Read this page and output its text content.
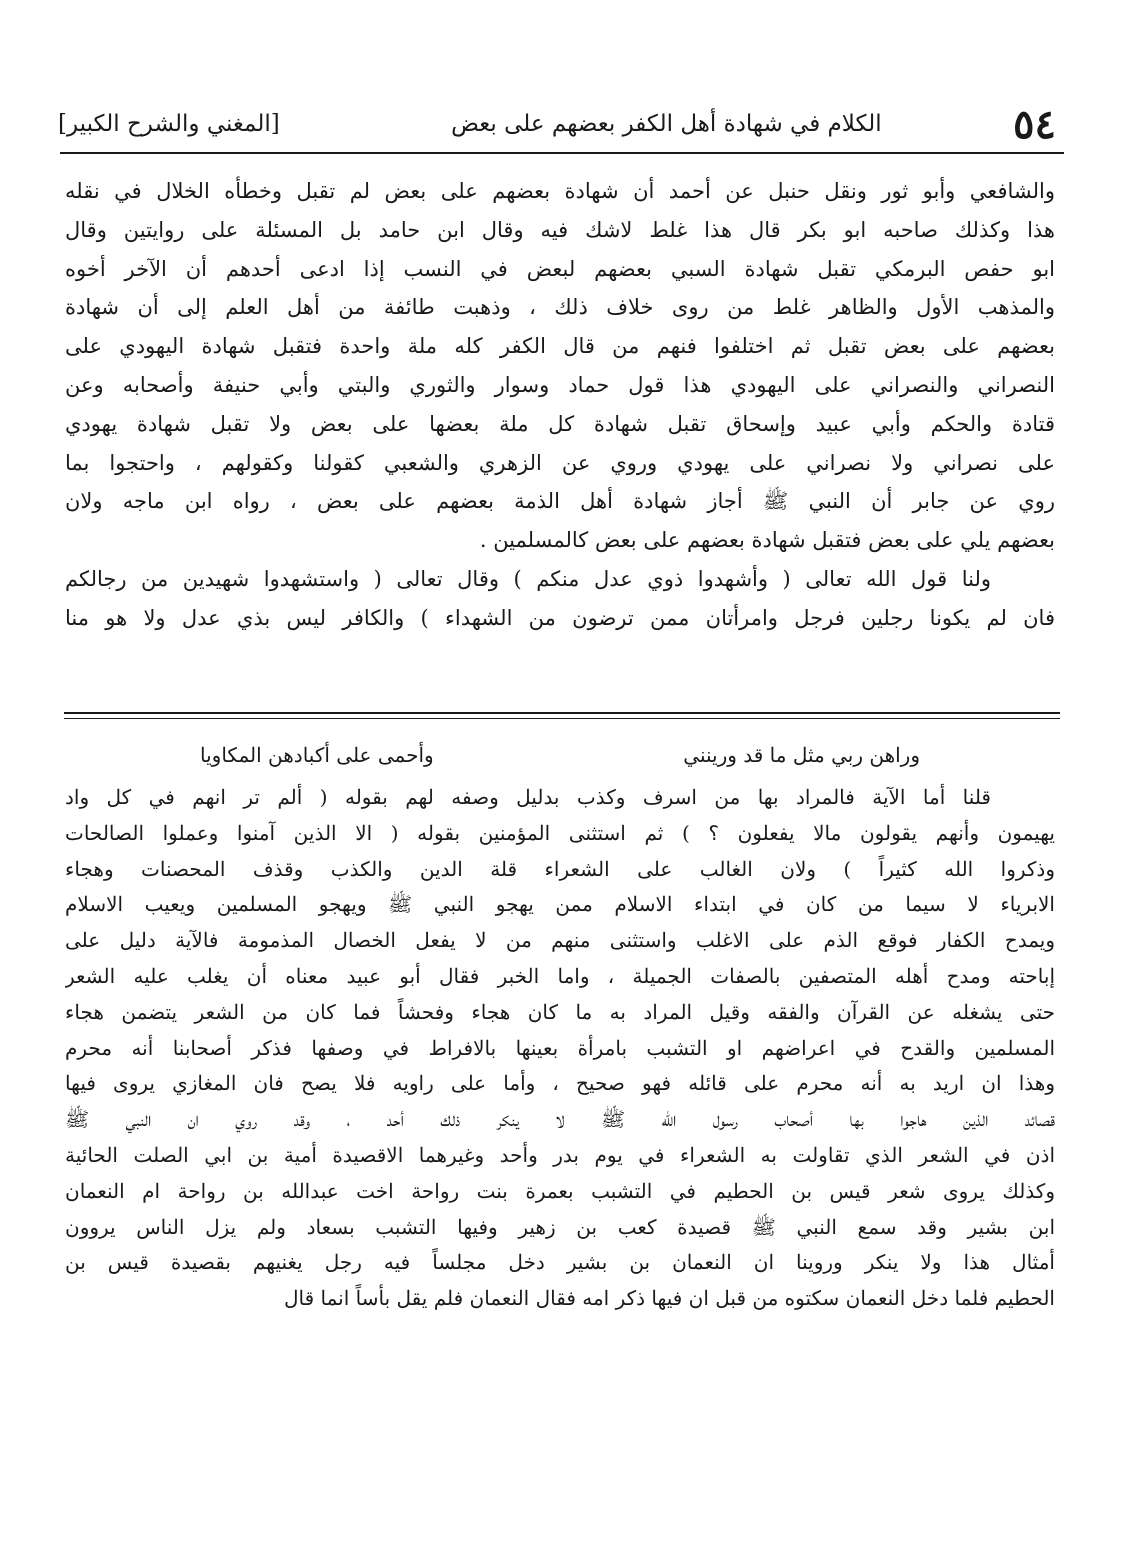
٥٤
الكلام في شهادة أهل الكفر بعضهم على بعض
[المغني والشرح الكبير]
والشافعي وأبو ثور ونقل حنبل عن أحمد أن شهادة بعضهم على بعض لم تقبل وخطأه الخلال في نقله
هذا وكذلك صاحبه ابو بكر قال هذا غلط لاشك فيه وقال ابن حامد بل المسئلة على روايتين وقال
ابو حفص البرمكي تقبل شهادة السبي بعضهم لبعض في النسب إذا ادعى أحدهم أن الآخر أخوه
والمذهب الأول والظاهر غلط من روى خلاف ذلك ، وذهبت طائفة من أهل العلم إلى أن شهادة
بعضهم على بعض تقبل ثم اختلفوا فنهم من قال الكفر كله ملة واحدة فتقبل شهادة اليهودي على
النصراني والنصراني على اليهودي هذا قول حماد وسوار والثوري والبتي وأبي حنيفة وأصحابه وعن
قتادة والحكم وأبي عبيد وإسحاق تقبل شهادة كل ملة بعضها على بعض ولا تقبل شهادة يهودي
على نصراني ولا نصراني على يهودي وروي عن الزهري والشعبي كقولنا وكقولهم ، واحتجوا بما
روي عن جابر أن النبي ﷺ أجاز شهادة أهل الذمة بعضهم على بعض ، رواه ابن ماجه ولان
بعضهم يلي على بعض فتقبل شهادة بعضهم على بعض كالمسلمين .
ولنا قول الله تعالى ( وأشهدوا ذوي عدل منكم ) وقال تعالى ( واستشهدوا شهيدين من رجالكم
فان لم يكونا رجلين فرجل وامرأتان ممن ترضون من الشهداء ) والكافر ليس بذي عدل ولا هو منا
وراهن ربي مثل ما قد ورينني
وأحمى على أكبادهن المكاويا
قلنا أما الآية فالمراد بها من اسرف وكذب بدليل وصفه لهم بقوله ( ألم تر انهم في كل واد
يهيمون وأنهم يقولون مالا يفعلون ؟ ) ثم استثنى المؤمنين بقوله ( الا الذين آمنوا وعملوا الصالحات
وذكروا الله كثيراً ) ولان الغالب على الشعراء قلة الدين والكذب وقذف المحصنات وهجاء
الابرياء لا سيما من كان في ابتداء الاسلام ممن يهجو النبي ﷺ ويهجو المسلمين ويعيب الاسلام
ويمدح الكفار فوقع الذم على الاغلب واستثنى منهم من لا يفعل الخصال المذمومة فالآية دليل على
إباحته ومدح أهله المتصفين بالصفات الجميلة ، واما الخبر فقال أبو عبيد معناه أن يغلب عليه الشعر
حتى يشغله عن القرآن والفقه وقيل المراد به ما كان هجاء وفحشاً فما كان من الشعر يتضمن هجاء
المسلمين والقدح في اعراضهم او التشبب بامرأة بعينها بالافراط في وصفها فذكر أصحابنا أنه محرم
وهذا ان اريد به أنه محرم على قائله فهو صحيح ، وأما على راويه فلا يصح فان المغازي يروى فيها
قصائد الذين هاجوا بها أصحاب رسول الله ﷺ لا ينكر ذلك أحد ، وقد روي ان النبي ﷺ
اذن في الشعر الذي تقاولت به الشعراء في يوم بدر وأحد وغيرهما الاقصيدة أمية بن ابي الصلت الحائية
وكذلك يروى شعر قيس بن الحطيم في التشبب بعمرة بنت رواحة اخت عبدالله بن رواحة ام النعمان
ابن بشير وقد سمع النبي ﷺ قصيدة كعب بن زهير وفيها التشبب بسعاد ولم يزل الناس يروون
أمثال هذا ولا ينكر وروينا ان النعمان بن بشير دخل مجلساً فيه رجل يغنيهم بقصيدة قيس بن
الحطيم فلما دخل النعمان سكتوه من قبل ان فيها ذكر امه فقال النعمان فلم يقل بأساً انما قال
